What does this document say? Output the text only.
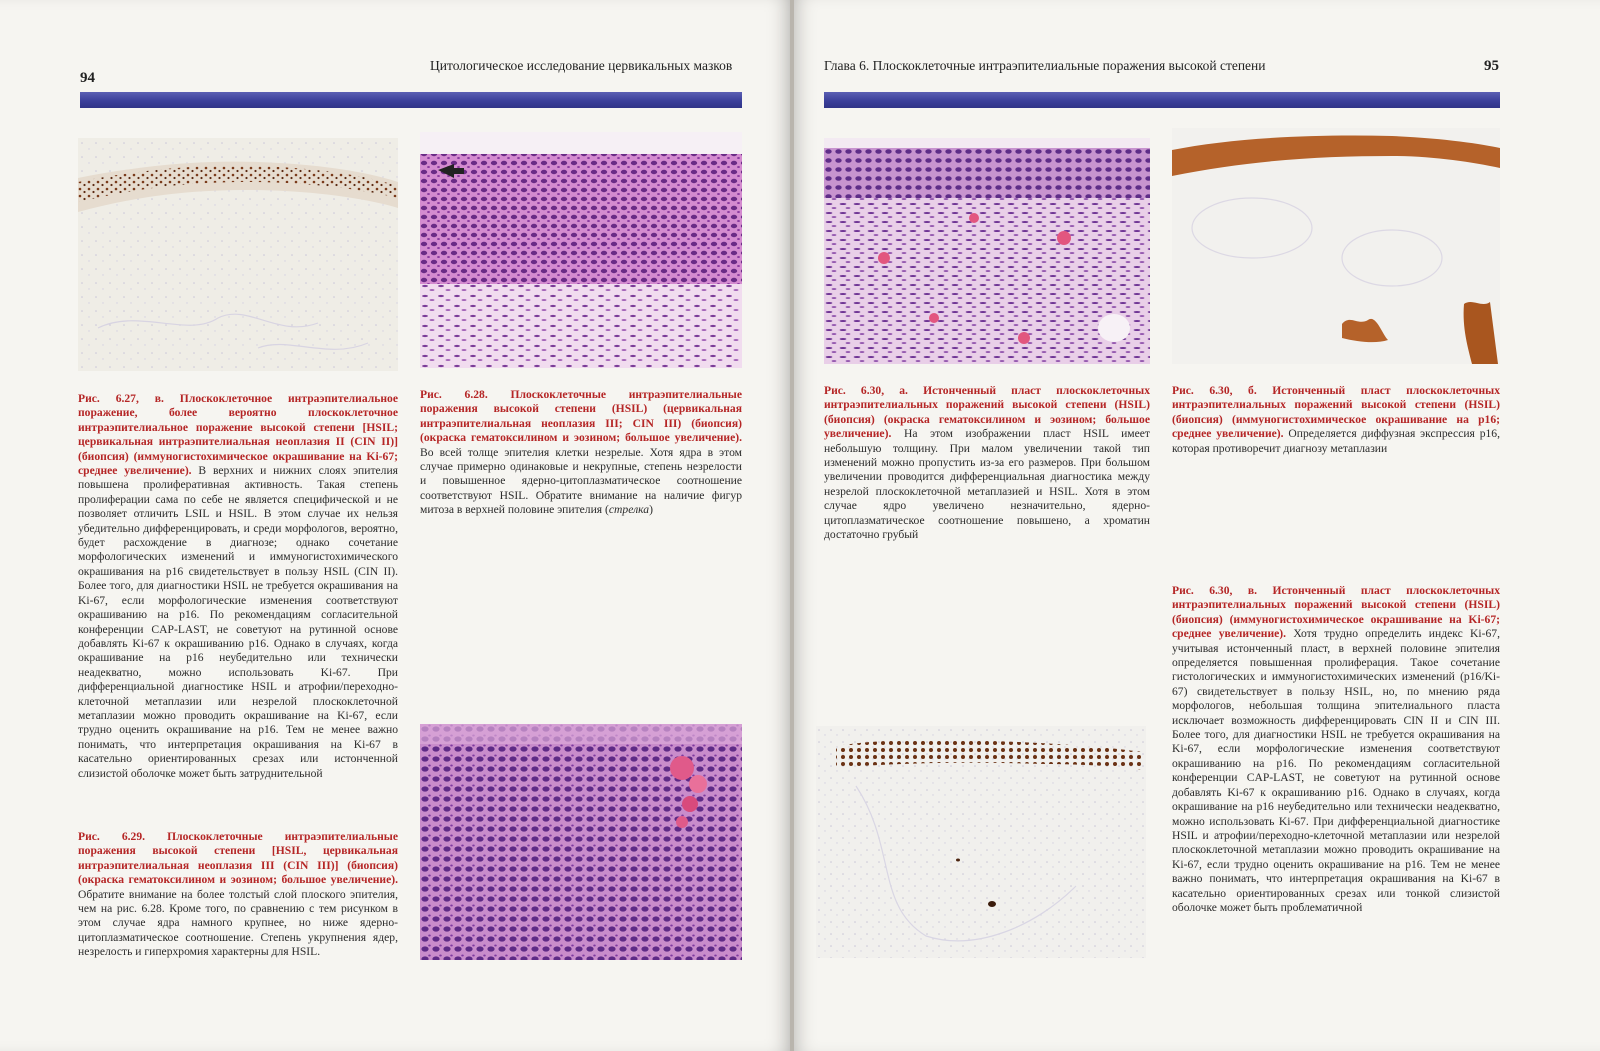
94
Цитологическое исследование цервикальных мазков
Рис. 6.27, в. Плоскоклеточное интраэпителиальное поражение, более вероятно плоскоклеточное интраэпителиальное поражение высокой степени [HSIL; цервикальная интраэпителиальная неоплазия II (CIN II)] (биопсия) (иммуногистохимическое окрашивание на Ki-67; среднее увеличение). В верхних и нижних слоях эпителия повышена пролиферативная активность. Такая степень пролиферации сама по себе не является специфической и не позволяет отличить LSIL и HSIL. В этом случае их нельзя убедительно дифференцировать, и среди морфологов, вероятно, будет расхождение в диагнозе; однако сочетание морфологических изменений и иммуногистохимического окрашивания на p16 свидетельствует в пользу HSIL (CIN II). Более того, для диагностики HSIL не требуется окрашивания на Ki-67, если морфологические изменения соответствуют окрашиванию на p16. По рекомендациям согласительной конференции CAP-LAST, не советуют на рутинной основе добавлять Ki-67 к окрашиванию p16. Однако в случаях, когда окрашивание на p16 неубедительно или технически неадекватно, можно использовать Ki-67. При дифференциальной диагностике HSIL и атрофии/переходно-клеточной метаплазии или незрелой плоскоклеточной метаплазии можно проводить окрашивание на Ki-67, если трудно оценить окрашивание на p16. Тем не менее важно понимать, что интерпретация окрашивания на Ki-67 в касательно ориентированных срезах или истонченной слизистой оболочке может быть затруднительной
Рис. 6.28. Плоскоклеточные интраэпителиальные поражения высокой степени (HSIL) (цервикальная интраэпителиальная неоплазия III; CIN III) (биопсия) (окраска гематоксилином и эозином; большое увеличение). Во всей толще эпителия клетки незрелые. Хотя ядра в этом случае примерно одинаковые и некрупные, степень незрелости и повышенное ядерно-цитоплазматическое соотношение соответствуют HSIL. Обратите внимание на наличие фигур митоза в верхней половине эпителия (стрелка)
Рис. 6.29. Плоскоклеточные интраэпителиальные поражения высокой степени [HSIL, цервикальная интраэпителиальная неоплазия III (CIN III)] (биопсия) (окраска гематоксилином и эозином; большое увеличение). Обратите внимание на более толстый слой плоского эпителия, чем на рис. 6.28. Кроме того, по сравнению с тем рисунком в этом случае ядра намного крупнее, но ниже ядерно-цитоплазматическое соотношение. Степень укрупнения ядер, незрелость и гиперхромия характерны для HSIL.
Глава 6. Плоскоклеточные интраэпителиальные поражения высокой степени	95
Рис. 6.30, а. Истонченный пласт плоскоклеточных интраэпителиальных поражений высокой степени (HSIL) (биопсия) (окраска гематоксилином и эозином; большое увеличение). На этом изображении пласт HSIL имеет небольшую толщину. При малом увеличении такой тип изменений можно пропустить из-за его размеров. При большом увеличении проводится дифференциальная диагностика между незрелой плоскоклеточной метаплазией и HSIL. Хотя в этом случае ядро увеличено незначительно, ядерно-цитоплазматическое соотношение повышено, а хроматин достаточно грубый
Рис. 6.30, б. Истонченный пласт плоскоклеточных интраэпителиальных поражений высокой степени (HSIL) (биопсия) (иммуногистохимическое окрашивание на p16; среднее увеличение). Определяется диффузная экспрессия p16, которая противоречит диагнозу метаплазии
Рис. 6.30, в. Истонченный пласт плоскоклеточных интраэпителиальных поражений высокой степени (HSIL) (биопсия) (иммуногистохимическое окрашивание на Ki-67; среднее увеличение). Хотя трудно определить индекс Ki-67, учитывая истонченный пласт, в верхней половине эпителия определяется повышенная пролиферация. Такое сочетание гистологических и иммуногистохимических изменений (p16/Ki-67) свидетельствует в пользу HSIL, но, по мнению ряда морфологов, небольшая толщина эпителиального пласта исключает возможность дифференцировать CIN II и CIN III. Более того, для диагностики HSIL не требуется окрашивания на Ki-67, если морфологические изменения соответствуют окрашиванию на p16. По рекомендациям согласительной конференции CAP-LAST, не советуют на рутинной основе добавлять Ki-67 к окрашиванию p16. Однако в случаях, когда окрашивание на p16 неубедительно или технически неадекватно, можно использовать Ki-67. При дифференциальной диагностике HSIL и атрофии/переходно-клеточной метаплазии или незрелой плоскоклеточной метаплазии можно проводить окрашивание на Ki-67, если трудно оценить окрашивание на p16. Тем не менее важно понимать, что интерпретация окрашивания на Ki-67 в касательно ориентированных срезах или тонкой слизистой оболочке может быть проблематичной
